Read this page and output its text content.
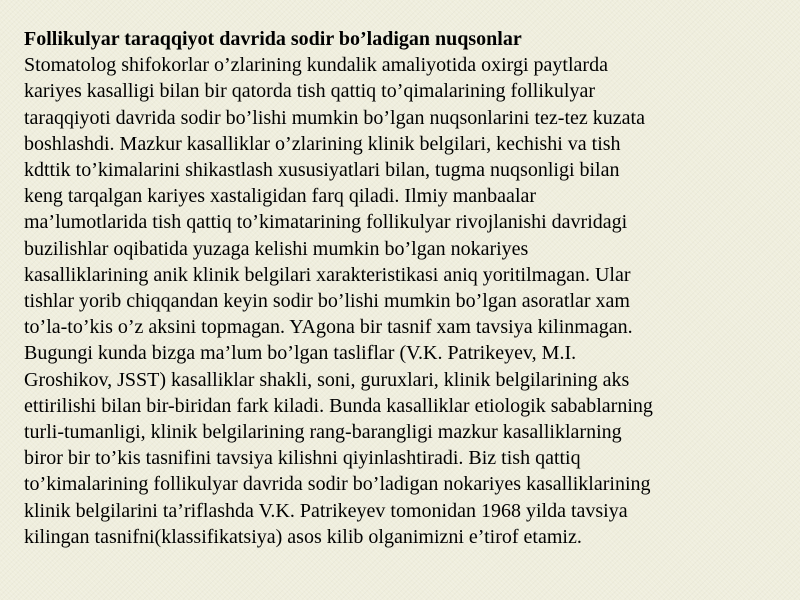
Follikulyar taraqqiyot davrida sodir bo’ladigan nuqsonlar
Stomatolog shifokorlar o’zlarining kundalik amaliyotida oxirgi paytlarda
kariyes kasalligi bilan bir qatorda tish qattiq to’qimalarining follikulyar
taraqqiyoti davrida sodir bo’lishi mumkin bo’lgan nuqsonlarini tez-tez kuzata
boshlashdi. Mazkur kasalliklar o’zlarining klinik belgilari, kechishi va tish
kdttik to’kimalarini shikastlash xususiyatlari bilan, tugma nuqsonligi bilan
keng tarqalgan kariyes xastaligidan farq qiladi. Ilmiy manbaalar
ma’lumotlarida tish qattiq to’kimatarining follikulyar rivojlanishi davridagi
buzilishlar oqibatida yuzaga kelishi mumkin bo’lgan nokariyes
kasalliklarining anik klinik belgilari xarakteristikasi aniq yoritilmagan. Ular
tishlar yorib chiqqandan keyin sodir bo’lishi mumkin bo’lgan asoratlar xam
to’la-to’kis o’z aksini topmagan. YAgona bir tasnif xam tavsiya kilinmagan.
Bugungi kunda bizga ma’lum bo’lgan tasliflar (V.K. Patrikeyev, M.I.
Groshikov, JSST) kasalliklar shakli, soni, guruxlari, klinik belgilarining aks
ettirilishi bilan bir-biridan fark kiladi. Bunda kasalliklar etiologik sabablarning
turli-tumanligi, klinik belgilarining rang-barangligi mazkur kasalliklarning
biror bir to’kis tasnifini tavsiya kilishni qiyinlashtiradi. Biz tish qattiq
to’kimalarining follikulyar davrida sodir bo’ladigan nokariyes kasalliklarining
klinik belgilarini ta’riflashda V.K. Patrikeyev tomonidan 1968 yilda tavsiya
kilingan tasnifni(klassifikatsiya) asos kilib olganimizni e’tirof etamiz.
